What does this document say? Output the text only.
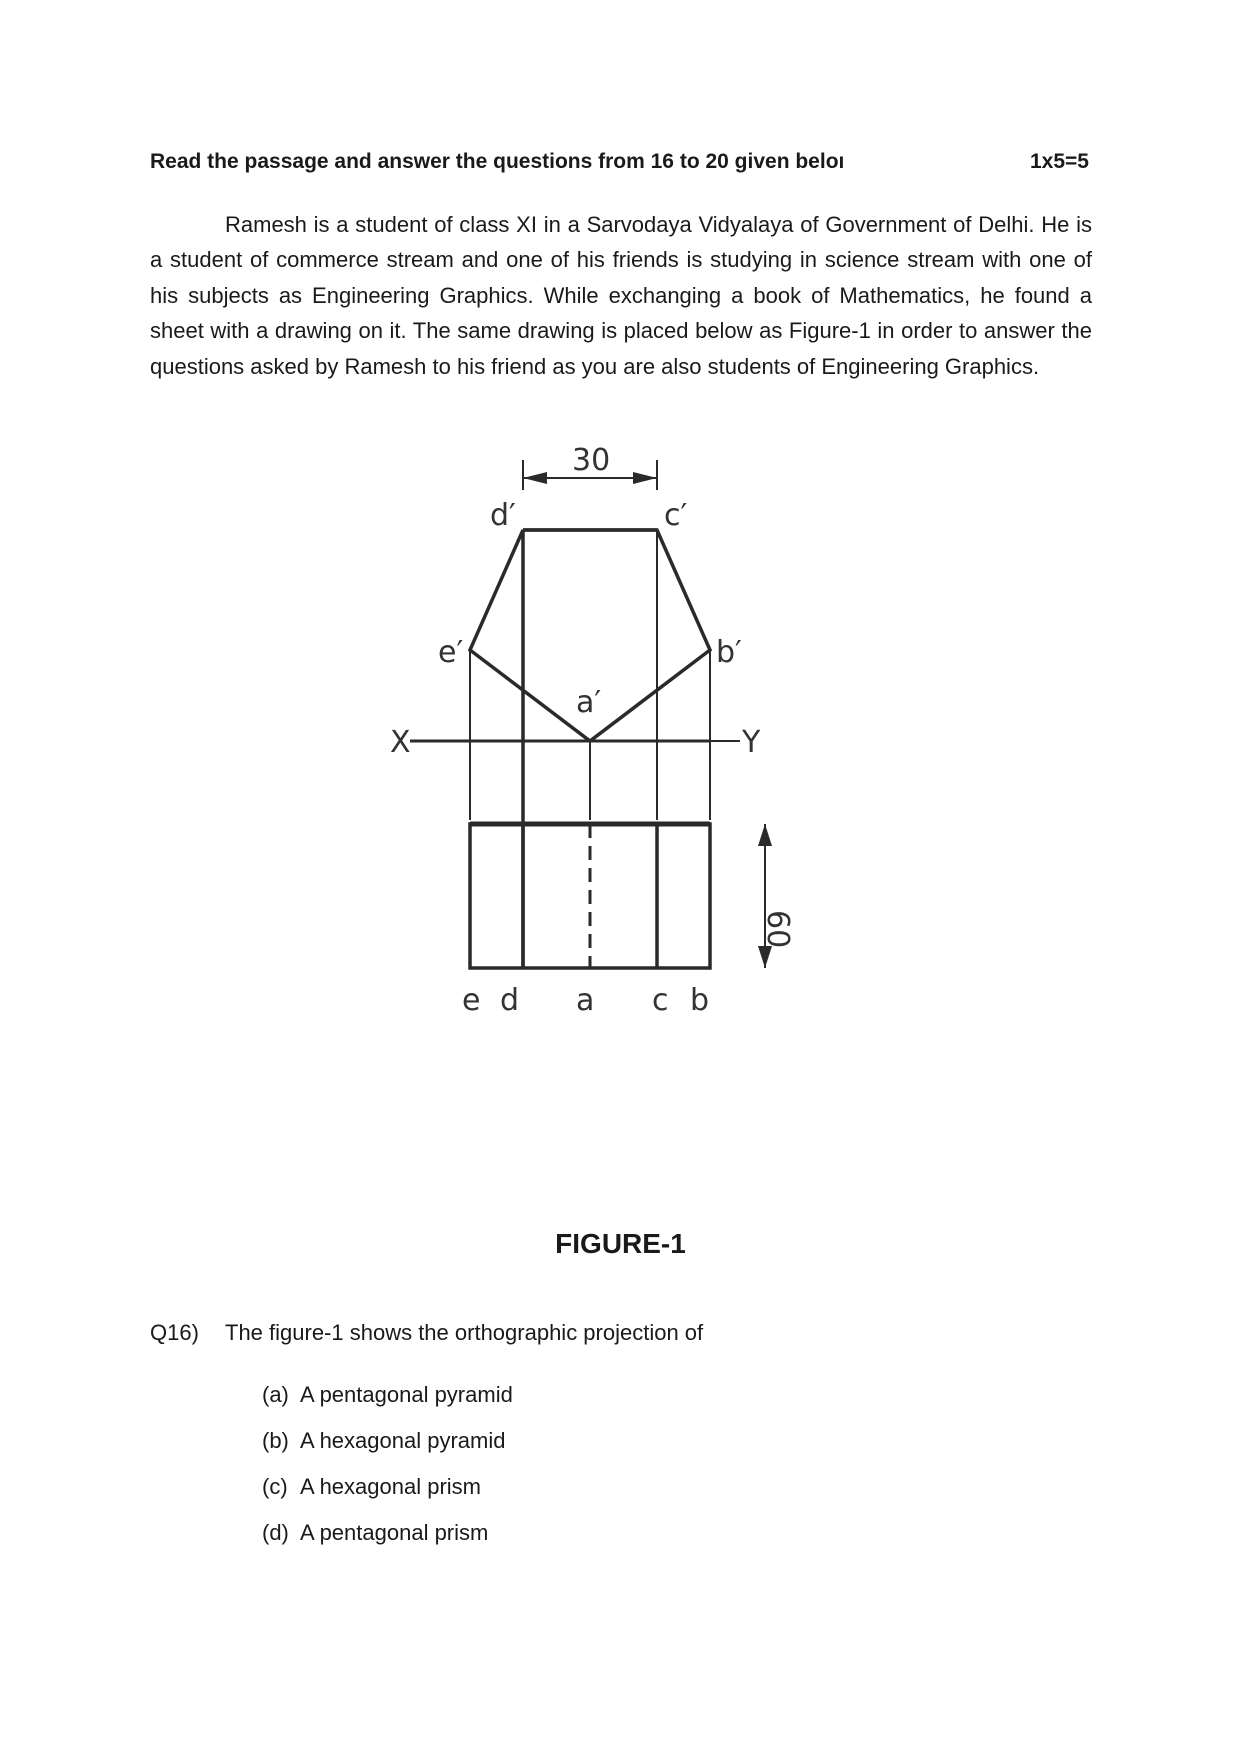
Read the passage and answer the questions from 16 to 20 given beloı	1x5=5

Ramesh is a student of class XI in a Sarvodaya Vidyalaya of Government of Delhi. He is a student of commerce stream and one of his friends is studying in science stream with one of his subjects as Engineering Graphics. While exchanging a book of Mathematics, he found a sheet with a drawing on it. The same drawing is placed below as Figure-1 in order to answer the questions asked by Ramesh to his friend as you are also students of Engineering Graphics.

30
d′	c′
e′	b′
a′
X	Y
60
e d a c b
FIGURE-1
Q16) The figure-1 shows the orthographic projection of
(a) A pentagonal pyramid
(b) A hexagonal pyramid
(c) A hexagonal prism
(d) A pentagonal prism
